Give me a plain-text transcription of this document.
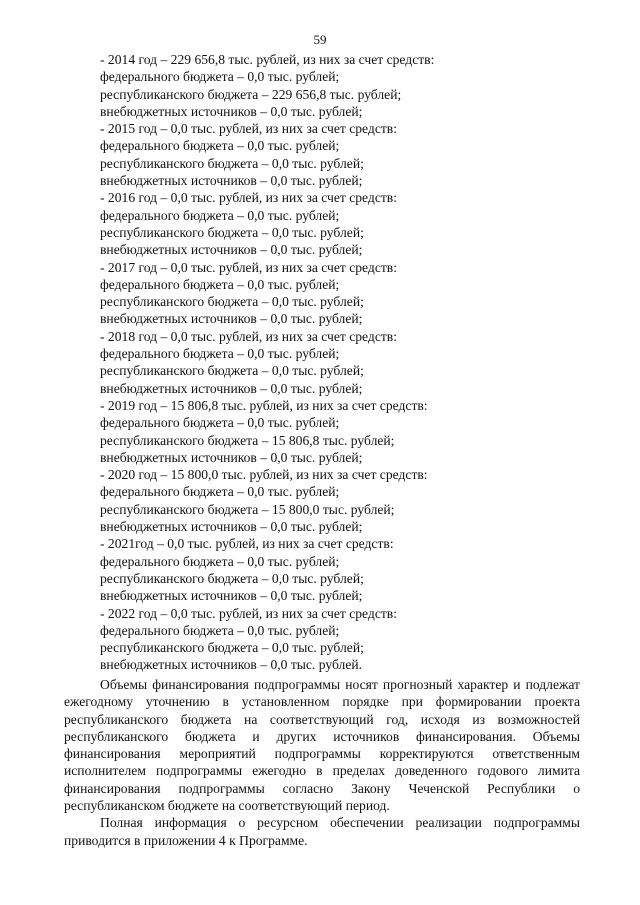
59
- 2014 год – 229 656,8 тыс. рублей, из них за счет средств:
федерального бюджета – 0,0 тыс. рублей;
республиканского бюджета – 229 656,8 тыс. рублей;
внебюджетных источников – 0,0 тыс. рублей;
- 2015 год – 0,0 тыс. рублей, из них за счет средств:
федерального бюджета – 0,0 тыс. рублей;
республиканского бюджета – 0,0 тыс. рублей;
внебюджетных источников – 0,0 тыс. рублей;
- 2016 год – 0,0 тыс. рублей, из них за счет средств:
федерального бюджета – 0,0 тыс. рублей;
республиканского бюджета – 0,0 тыс. рублей;
внебюджетных источников – 0,0 тыс. рублей;
- 2017 год – 0,0 тыс. рублей, из них за счет средств:
федерального бюджета – 0,0 тыс. рублей;
республиканского бюджета – 0,0 тыс. рублей;
внебюджетных источников – 0,0 тыс. рублей;
- 2018 год – 0,0 тыс. рублей, из них за счет средств:
федерального бюджета – 0,0 тыс. рублей;
республиканского бюджета – 0,0 тыс. рублей;
внебюджетных источников – 0,0 тыс. рублей;
- 2019 год – 15 806,8 тыс. рублей, из них за счет средств:
федерального бюджета – 0,0 тыс. рублей;
республиканского бюджета – 15 806,8 тыс. рублей;
внебюджетных источников – 0,0 тыс. рублей;
- 2020 год – 15 800,0 тыс. рублей, из них за счет средств:
федерального бюджета – 0,0 тыс. рублей;
республиканского бюджета – 15 800,0 тыс. рублей;
внебюджетных источников – 0,0 тыс. рублей;
- 2021год – 0,0 тыс. рублей, из них за счет средств:
федерального бюджета – 0,0 тыс. рублей;
республиканского бюджета – 0,0 тыс. рублей;
внебюджетных источников – 0,0 тыс. рублей;
- 2022 год – 0,0 тыс. рублей, из них за счет средств:
федерального бюджета – 0,0 тыс. рублей;
республиканского бюджета – 0,0 тыс. рублей;
внебюджетных источников – 0,0 тыс. рублей.

Объемы финансирования подпрограммы носят прогнозный характер и подлежат ежегодному уточнению в установленном порядке при формировании проекта республиканского бюджета на соответствующий год, исходя из возможностей республиканского бюджета и других источников финансирования. Объемы финансирования мероприятий подпрограммы корректируются ответственным исполнителем подпрограммы ежегодно в пределах доведенного годового лимита финансирования подпрограммы согласно Закону Чеченской Республики о республиканском бюджете на соответствующий период.

Полная информация о ресурсном обеспечении реализации подпрограммы приводится в приложении 4 к Программе.
